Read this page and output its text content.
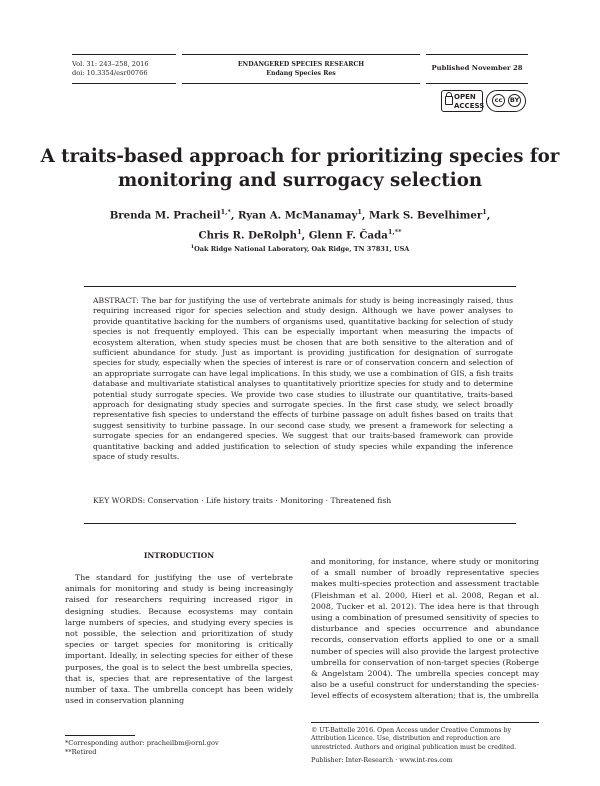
Vol. 31: 243–258, 2016
doi: 10.3354/esr00766
ENDANGERED SPECIES RESEARCH
Endang Species Res
Published November 28
OPEN
ACCESS
cc	BY
A traits-based approach for prioritizing species for
monitoring and surrogacy selection
Brenda M. Pracheil$^{1,*}$, Ryan A. McManamay$^1$, Mark S. Bevelhimer$^1$,
Chris R. DeRolph$^1$, Glenn F. Čada$^{1,**}$
$^1$Oak Ridge National Laboratory, Oak Ridge, TN 37831, USA
ABSTRACT: The bar for justifying the use of vertebrate animals for study is being increasingly raised, thus requiring increased rigor for species selection and study design. Although we have power analyses to provide quantitative backing for the numbers of organisms used, quantitative backing for selection of study species is not frequently employed. This can be especially important when measuring the impacts of ecosystem alteration, when study species must be chosen that are both sensitive to the alteration and of sufficient abundance for study. Just as important is providing justification for designation of surrogate species for study, especially when the species of interest is rare or of conservation concern and selection of an appropriate surrogate can have legal implications. In this study, we use a combination of GIS, a fish traits database and multivariate statistical analyses to quantitatively prioritize species for study and to determine potential study surrogate species. We provide two case studies to illustrate our quantitative, traits-based approach for designating study species and surrogate species. In the first case study, we select broadly representative fish species to understand the effects of turbine passage on adult fishes based on traits that suggest sensitivity to turbine passage. In our second case study, we present a framework for selecting a surrogate species for an endangered species. We suggest that our traits-based framework can provide quantitative backing and added justification to selection of study species while expanding the inference space of study results.
KEY WORDS: Conservation · Life history traits · Monitoring · Threatened fish
INTRODUCTION
The standard for justifying the use of vertebrate animals for monitoring and study is being increasingly raised for researchers requiring increased rigor in designing studies. Because ecosystems may contain large numbers of species, and studying every species is not possible, the selection and prioritization of study species or target species for monitoring is critically important. Ideally, in selecting species for either of these purposes, the goal is to select the best umbrella species, that is, species that are representative of the largest number of taxa. The umbrella concept has been widely used in conservation planning
and monitoring, for instance, where study or monitoring of a small number of broadly representative species makes multi-species protection and assessment tractable (Fleishman et al. 2000, Hierl et al. 2008, Regan et al. 2008, Tucker et al. 2012). The idea here is that through using a combination of presumed sensitivity of species to disturbance and species occurrence and abundance records, conservation efforts applied to one or a small number of species will also provide the largest protective umbrella for conservation of non-target species (Roberge & Angelstam 2004). The umbrella species concept may also be a useful construct for understanding the species-level effects of ecosystem alteration; that is, the umbrella
*Corresponding author: pracheilbm@ornl.gov
**Retired
© UT-Battelle 2016. Open Access under Creative Commons by Attribution Licence. Use, distribution and reproduction are unrestricted. Authors and original publication must be credited.
Publisher: Inter-Research · www.int-res.com
